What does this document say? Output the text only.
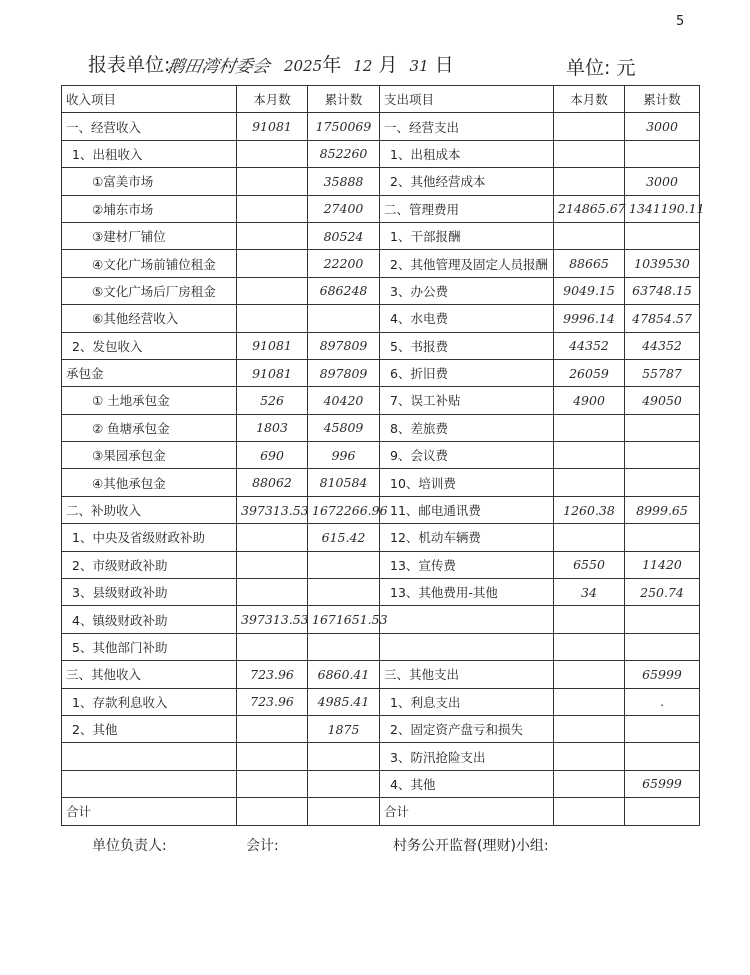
5
报表单位:
鹅田湾村委会 2025年 12 月 31 日	单位: 元
收入项目	本月数	累计数	支出项目	本月数	累计数
一、经营收入	91081	1750069	一、经营支出		3000
1、出租收入		852260	1、出租成本		
①富美市场		35888	2、其他经营成本		3000
②埔东市场		27400	二、管理费用	214865.67	1341190.11
③建材厂铺位		80524	1、干部报酬		
④文化广场前铺位租金		22200	2、其他管理及固定人员报酬	88665	1039530
⑤文化广场后厂房租金		686248	3、办公费	9049.15	63748.15
⑥其他经营收入			4、水电费	9996.14	47854.57
2、发包收入	91081	897809	5、书报费	44352	44352
承包金	91081	897809	6、折旧费	26059	55787
① 土地承包金	526	40420	7、误工补贴	4900	49050
② 鱼塘承包金	1803	45809	8、差旅费		
③果园承包金	690	996	9、会议费		
④其他承包金	88062	810584	10、培训费		
二、补助收入	397313.53	1672266.96	11、邮电通讯费	1260.38	8999.65
1、中央及省级财政补助		615.42	12、机动车辆费		
2、市级财政补助			13、宣传费	6550	11420
3、县级财政补助			13、其他费用-其他	34	250.74
4、镇级财政补助	397313.53	1671651.53			
5、其他部门补助					
三、其他收入	723.96	6860.41	三、其他支出		65999
1、存款利息收入	723.96	4985.41	1、利息支出		.
2、其他		1875	2、固定资产盘亏和损失		
			3、防汛抢险支出		
			4、其他		65999
合计			合计		
单位负责人:	会计:	村务公开监督(理财)小组:
